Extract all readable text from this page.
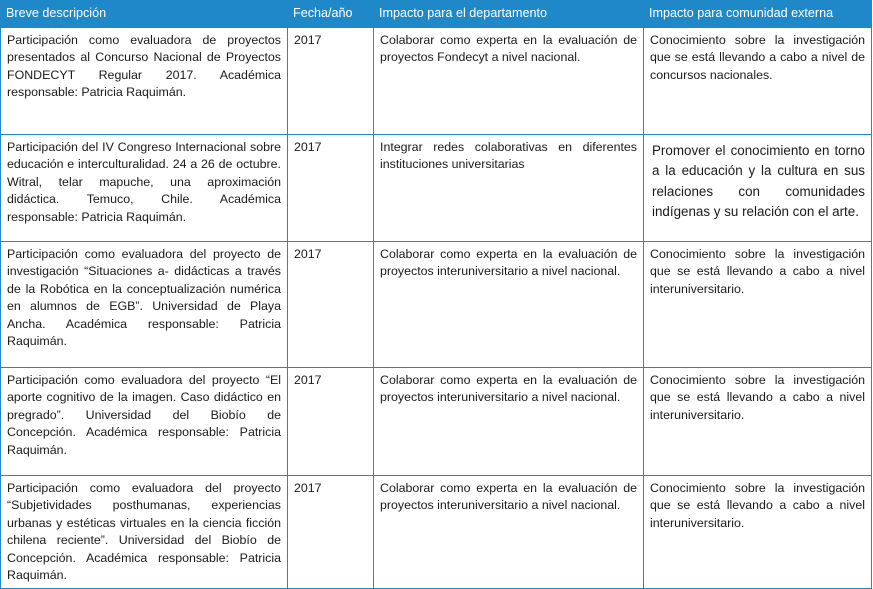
Breve descripción	Fecha/año	Impacto para el departamento	Impacto para comunidad externa
Participación como evaluadora de proyectos presentados al Concurso Nacional de Proyectos FONDECYT Regular 2017. Académica responsable: Patricia Raquimán.	2017	Colaborar como experta en la evaluación de proyectos Fondecyt a nivel nacional.	Conocimiento sobre la investigación que se está llevando a cabo a nivel de concursos nacionales.
Participación del IV Congreso Internacional sobre educación e interculturalidad. 24 a 26 de octubre. Witral, telar mapuche, una aproximación didáctica. Temuco, Chile. Académica responsable: Patricia Raquimán.	2017	Integrar redes colaborativas en diferentes instituciones universitarias	Promover el conocimiento en torno a la educación y la cultura en sus relaciones con comunidades indígenas y su relación con el arte.
Participación como evaluadora del proyecto de investigación “Situaciones a- didácticas a través de la Robótica en la conceptualización numérica en alumnos de EGB”. Universidad de Playa Ancha. Académica responsable: Patricia Raquimán.	2017	Colaborar como experta en la evaluación de proyectos interuniversitario a nivel nacional.	Conocimiento sobre la investigación que se está llevando a cabo a nivel interuniversitario.
Participación como evaluadora del proyecto “El aporte cognitivo de la imagen. Caso didáctico en pregrado”. Universidad del Biobío de Concepción. Académica responsable: Patricia Raquimán.	2017	Colaborar como experta en la evaluación de proyectos interuniversitario a nivel nacional.	Conocimiento sobre la investigación que se está llevando a cabo a nivel interuniversitario.
Participación como evaluadora del proyecto “Subjetividades posthumanas, experiencias urbanas y estéticas virtuales en la ciencia ficción chilena reciente”. Universidad del Biobío de Concepción. Académica responsable: Patricia Raquimán.	2017	Colaborar como experta en la evaluación de proyectos interuniversitario a nivel nacional.	Conocimiento sobre la investigación que se está llevando a cabo a nivel interuniversitario.
